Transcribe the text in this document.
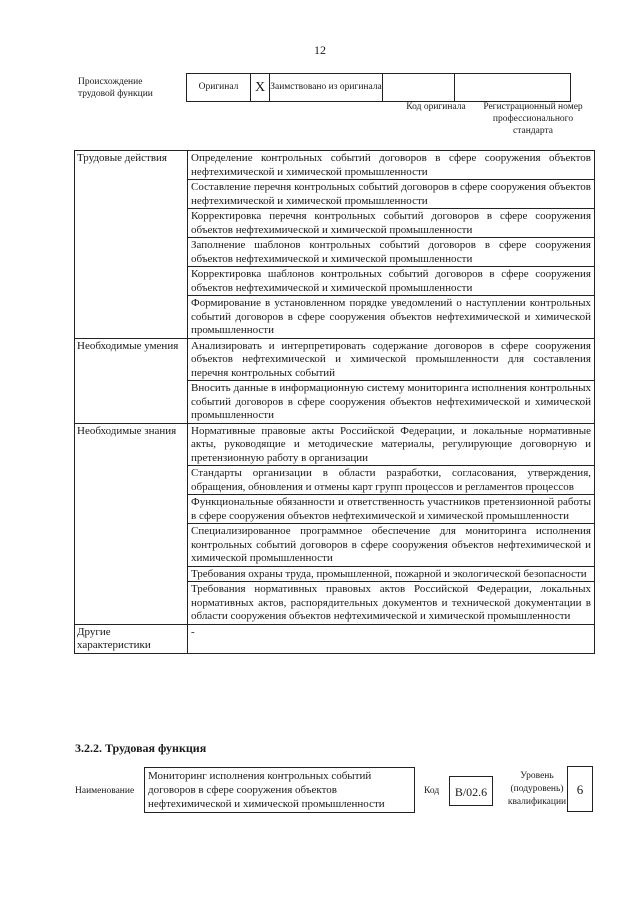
12
Происхождение трудовой функции
Оригинал	X	Заимствовано из оригинала		
Код оригинала	Регистрационный номер профессионального стандарта
Трудовые действия	Определение контрольных событий договоров в сфере сооружения объектов нефтехимической и химической промышленности
	Составление перечня контрольных событий договоров в сфере сооружения объектов нефтехимической и химической промышленности
	Корректировка перечня контрольных событий договоров в сфере сооружения объектов нефтехимической и химической промышленности
	Заполнение шаблонов контрольных событий договоров в сфере сооружения объектов нефтехимической и химической промышленности
	Корректировка шаблонов контрольных событий договоров в сфере сооружения объектов нефтехимической и химической промышленности
	Формирование в установленном порядке уведомлений о наступлении контрольных событий договоров в сфере сооружения объектов нефтехимической и химической промышленности
Необходимые умения	Анализировать и интерпретировать содержание договоров в сфере сооружения объектов нефтехимической и химической промышленности для составления перечня контрольных событий
	Вносить данные в информационную систему мониторинга исполнения контрольных событий договоров в сфере сооружения объектов нефтехимической и химической промышленности
Необходимые знания	Нормативные правовые акты Российской Федерации, и локальные нормативные акты, руководящие и методические материалы, регулирующие договорную и претензионную работу в организации
	Стандарты организации в области разработки, согласования, утверждения, обращения, обновления и отмены карт групп процессов и регламентов процессов
	Функциональные обязанности и ответственность участников претензионной работы в сфере сооружения объектов нефтехимической и химической промышленности
	Специализированное программное обеспечение для мониторинга исполнения контрольных событий договоров в сфере сооружения объектов нефтехимической и химической промышленности
	Требования охраны труда, промышленной, пожарной и экологической безопасности
	Требования нормативных правовых актов Российской Федерации, локальных нормативных актов, распорядительных документов и технической документации в области сооружения объектов нефтехимической и химической промышленности
Другие характеристики	-
3.2.2. Трудовая функция
Наименование
Мониторинг исполнения контрольных событий договоров в сфере сооружения объектов нефтехимической и химической промышленности
Код	B/02.6
Уровень (подуровень) квалификации
6
